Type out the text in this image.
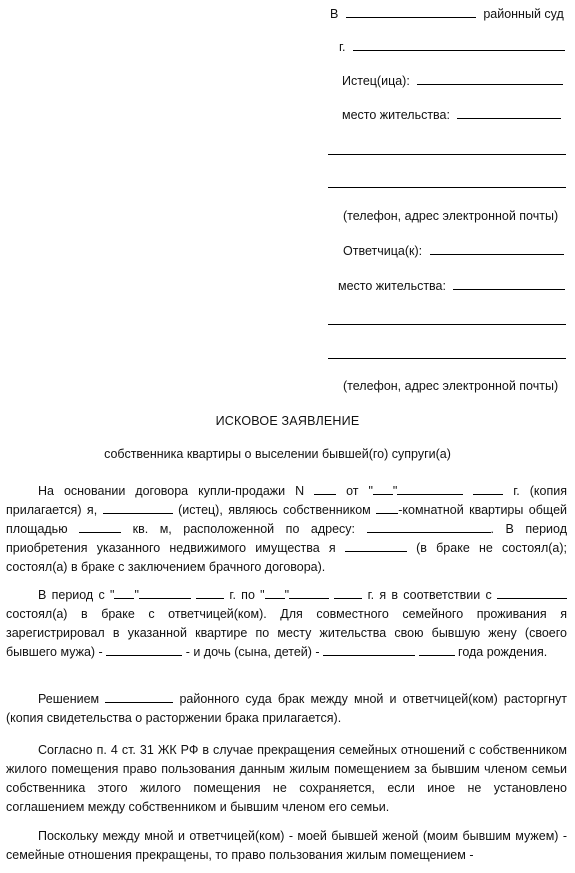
В	районный суд
г.
Истец(ица):
место жительства:
(телефон, адрес электронной почты)
Ответчица(к):
место жительства:
(телефон, адрес электронной почты)
ИСКОВОЕ ЗАЯВЛЕНИЕ
собственника квартиры о выселении бывшей(го) супруги(а)
На основании договора купли-продажи N	от " "	г. (копия прилагается) я,	(истец), являюсь собственником -комнатной квартиры общей площадью	кв. м, расположенной по адресу:	. В период приобретения указанного недвижимого имущества я	(в браке не состоял(а); состоял(а) в браке с заключением брачного договора).
В период с " "	г. по " "	г. я в соответствии с  состоял(а) в браке с ответчицей(ком). Для совместного семейного проживания я зарегистрировал в указанной квартире по месту жительства свою бывшую жену (своего бывшего мужа) -	- и дочь (сына, детей) -	года рождения.
Решением	районного суда брак между мной и ответчицей(ком) расторгнут (копия свидетельства о расторжении брака прилагается).
Согласно п. 4 ст. 31 ЖК РФ в случае прекращения семейных отношений с собственником жилого помещения право пользования данным жилым помещением за бывшим членом семьи собственника этого жилого помещения не сохраняется, если иное не установлено соглашением между собственником и бывшим членом его семьи.
Поскольку между мной и ответчицей(ком) - моей бывшей женой (моим бывшим мужем) - семейные отношения прекращены, то право пользования жилым помещением -
